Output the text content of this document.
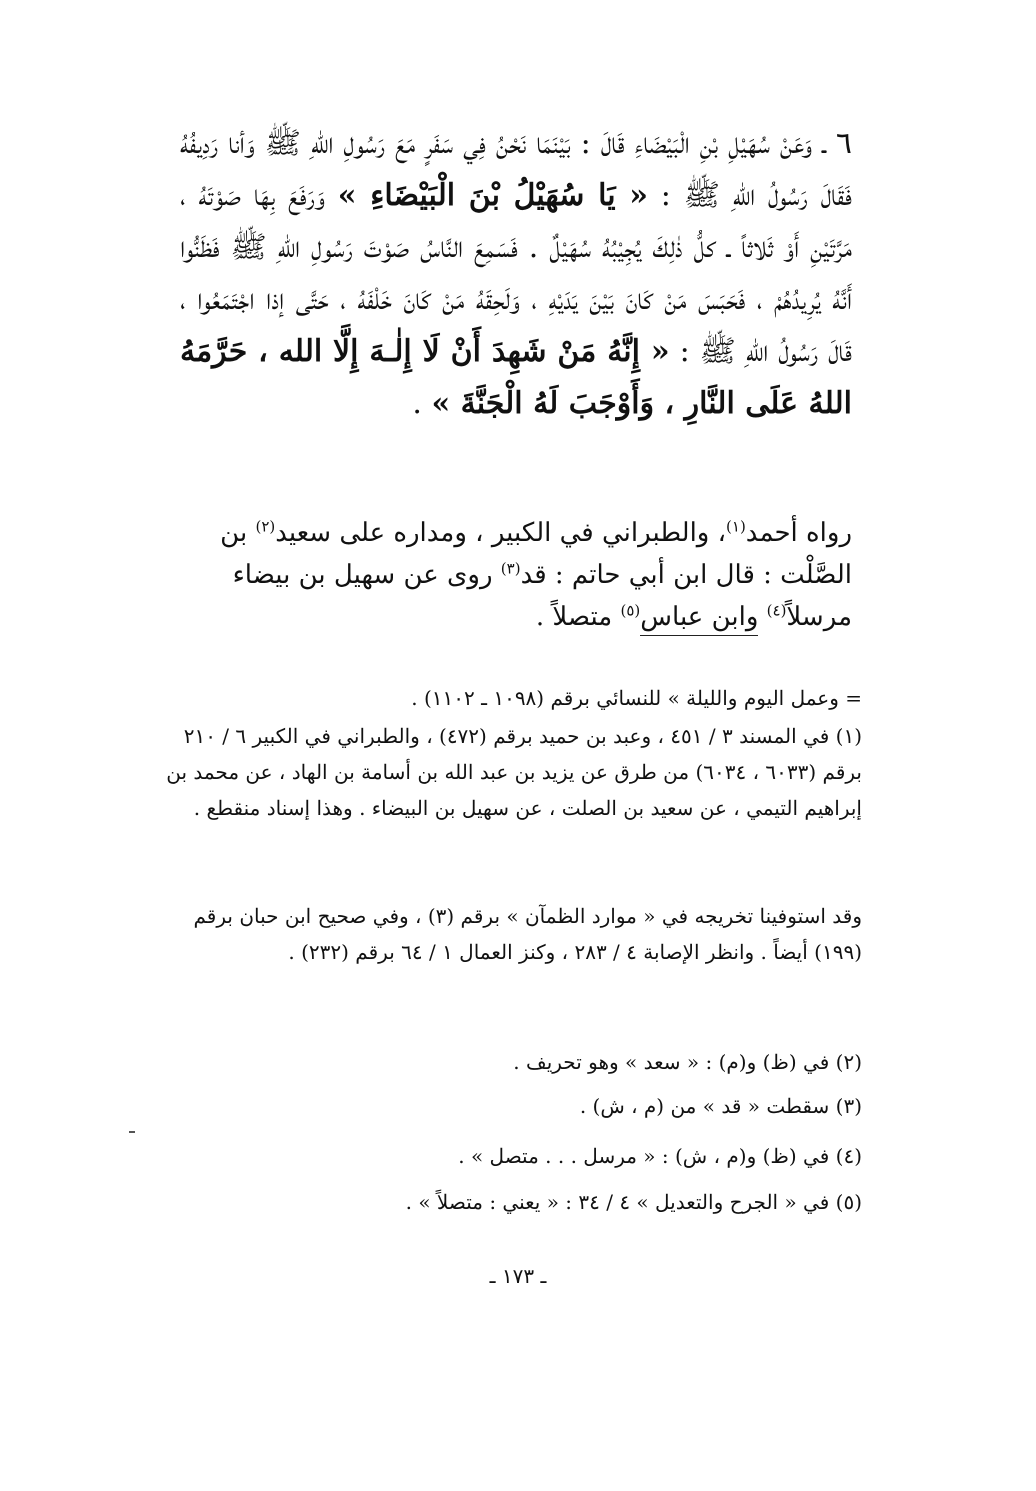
٦ ـ وَعَنْ سُهَيْلِ بْنِ الْبَيْضَاءِ قَالَ : بَيْنَمَا نَحْنُ فِي سَفَرٍ مَعَ رَسُولِ اللهِ ﷺ وَأنا رَدِيفُهُ فَقَالَ رَسُولُ اللهِ ﷺ : « يَا سُهَيْلُ بْنَ الْبَيْضَاءِ » وَرَفَعَ بِهَا صَوْتَهُ ، مَرَّتَيْنِ أَوْ ثَلاثاً ـ كلُّ ذٰلِكَ يُجِيْبُهُ سُهَيْلٌ . فَسَمِعَ النَّاسُ صَوْتَ رَسُولِ اللهِ ﷺ فَظَنُّوا أَنَّهُ يُرِيدُهُمْ ، فَحَبَسَ مَنْ كَانَ بَيْنَ يَدَيْهِ ، وَلَحِقَهُ مَنْ كَانَ خَلْفَهُ ، حَتَّى إذا اجْتَمَعُوا ، قَالَ رَسُولُ اللهِ ﷺ : « إِنَّهُ مَنْ شَهِدَ أَنْ لَا إِلٰـهَ إِلَّا الله ، حَرَّمَهُ اللهُ عَلَى النَّارِ ، وَأَوْجَبَ لَهُ الْجَنَّةَ » .

رواه أحمد$^{(١)}$، والطبراني في الكبير ، ومداره على سعيد$^{(٢)}$ بن الصَّلْت : قال ابن أبي حاتم : قد$^{(٣)}$ روى عن سهيل بن بيضاء مرسلاً$^{(٤)}$ وابن عباس$^{(٥)}$ متصلاً .

= وعمل اليوم والليلة » للنسائي برقم (١٠٩٨ ـ ١١٠٢) .

(١) في المسند ٣ / ٤٥١ ، وعبد بن حميد برقم (٤٧٢) ، والطبراني في الكبير ٦ / ٢١٠ برقم (٦٠٣٣ ، ٦٠٣٤) من طرق عن يزيد بن عبد الله بن أسامة بن الهاد ، عن محمد بن إبراهيم التيمي ، عن سعيد بن الصلت ، عن سهيل بن البيضاء . وهذا إسناد منقطع .

وقد استوفينا تخريجه في « موارد الظمآن » برقم (٣) ، وفي صحيح ابن حبان برقم (١٩٩) أيضاً . وانظر الإصابة ٤ / ٢٨٣ ، وكنز العمال ١ / ٦٤ برقم (٢٣٢) .

(٢) في (ظ) و(م) : « سعد » وهو تحريف .

(٣) سقطت « قد » من (م ، ش) .

(٤) في (ظ) و(م ، ش) : « مرسل . . . متصل » .

(٥) في « الجرح والتعديل » ٤ / ٣٤ : « يعني : متصلاً » .

ـ ١٧٣ ـ
